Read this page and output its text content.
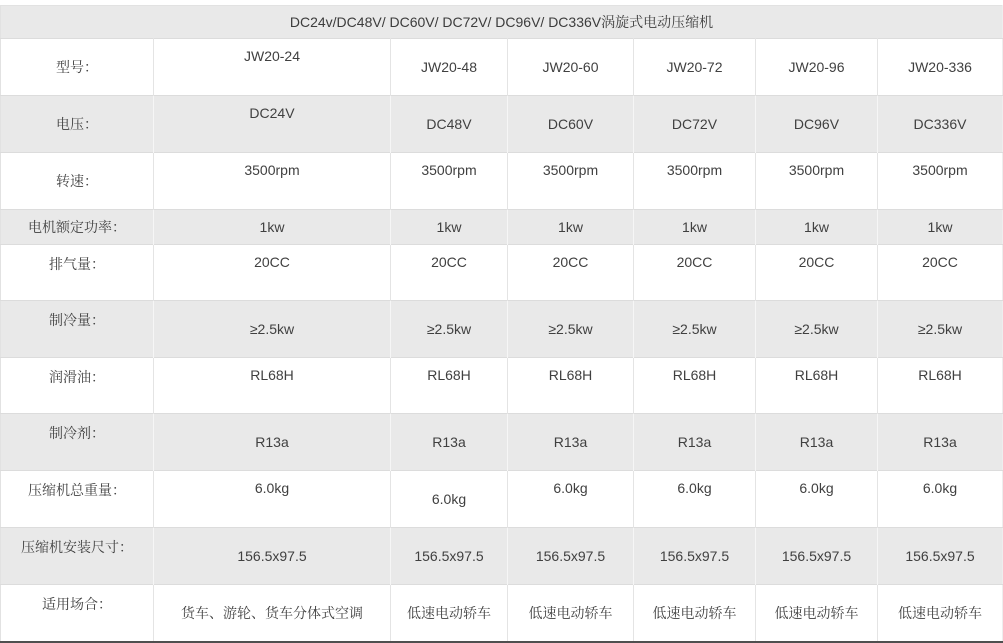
DC24v/DC48V/ DC60V/ DC72V/ DC96V/ DC336V涡旋式电动压缩机						
型号：	JW20-24	JW20-48	JW20-60	JW20-72	JW20-96	JW20-336
电压：	DC24V	DC48V	DC60V	DC72V	DC96V	DC336V
转速：	3500rpm	3500rpm	3500rpm	3500rpm	3500rpm	3500rpm
电机额定功率：	1kw	1kw	1kw	1kw	1kw	1kw
排气量：	20CC	20CC	20CC	20CC	20CC	20CC
制冷量：	≥2.5kw	≥2.5kw	≥2.5kw	≥2.5kw	≥2.5kw	≥2.5kw
润滑油：	RL68H	RL68H	RL68H	RL68H	RL68H	RL68H
制冷剂：	R13a	R13a	R13a	R13a	R13a	R13a
压缩机总重量：	6.0kg	6.0kg	6.0kg	6.0kg	6.0kg	6.0kg
压缩机安装尺寸：	156.5x97.5	156.5x97.5	156.5x97.5	156.5x97.5	156.5x97.5	156.5x97.5
适用场合：	货车、游轮、货车分体式空调	低速电动轿车	低速电动轿车	低速电动轿车	低速电动轿车	低速电动轿车
